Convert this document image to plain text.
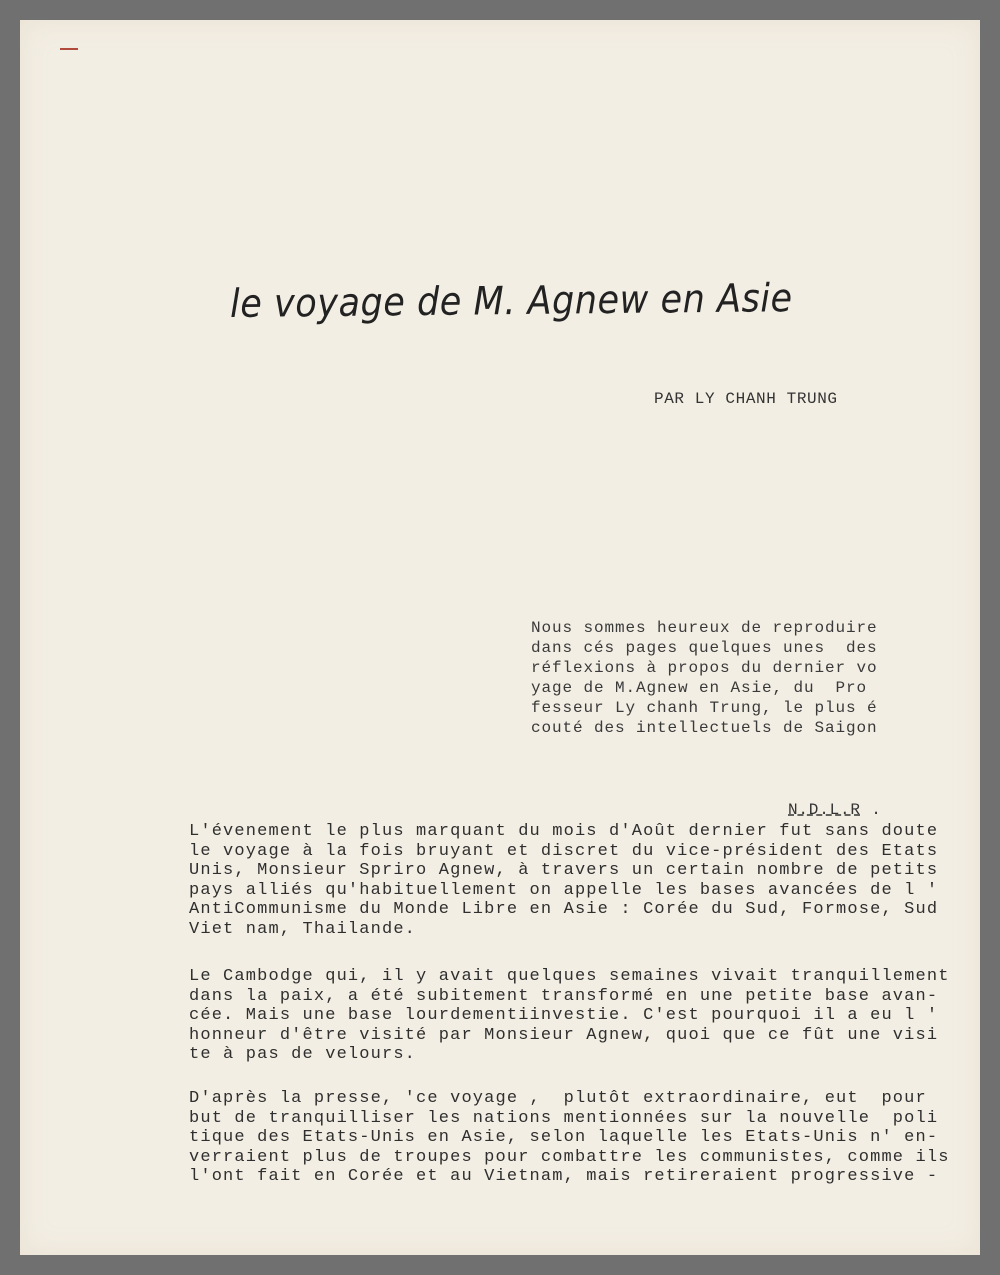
le voyage de M. Agnew en Asie
PAR LY CHANH TRUNG
Nous sommes heureux de reproduire
dans cés pages quelques unes  des
réflexions à propos du dernier vo
yage de M.Agnew en Asie, du  Pro
fesseur Ly chanh Trung, le plus é
couté des intellectuels de Saigon
N.D.L.R .
L'évenement le plus marquant du mois d'Août dernier fut sans doute
le voyage à la fois bruyant et discret du vice-président des Etats
Unis, Monsieur Spriro Agnew, à travers un certain nombre de petits
pays alliés qu'habituellement on appelle les bases avancées de l '
AntiCommunisme du Monde Libre en Asie : Corée du Sud, Formose, Sud
Viet nam, Thailande.
Le Cambodge qui, il y avait quelques semaines vivait tranquillement
dans la paix, a été subitement transformé en une petite base avan-
cée. Mais une base lourdementiinvestie. C'est pourquoi il a eu l '
honneur d'être visité par Monsieur Agnew, quoi que ce fût une visi
te à pas de velours.
D'après la presse, 'ce voyage ,  plutôt extraordinaire, eut  pour
but de tranquilliser les nations mentionnées sur la nouvelle  poli
tique des Etats-Unis en Asie, selon laquelle les Etats-Unis n' en-
verraient plus de troupes pour combattre les communistes, comme ils
l'ont fait en Corée et au Vietnam, mais retireraient progressive -
